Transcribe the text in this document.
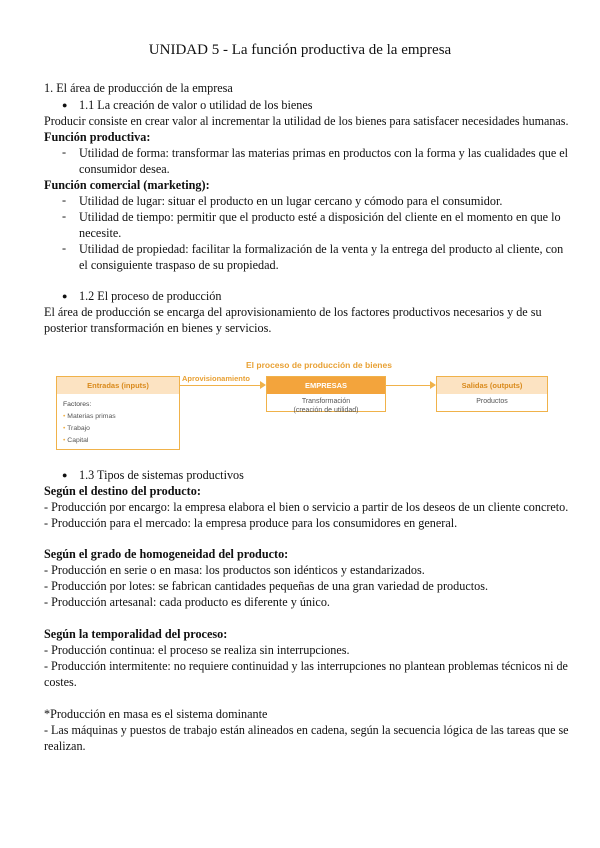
UNIDAD 5 - La función productiva de la empresa
1. El área de producción de la empresa
● 1.1 La creación de valor o utilidad de los bienes
Producir consiste en crear valor al incrementar la utilidad de los bienes para satisfacer necesidades humanas.
Función productiva:
- Utilidad de forma: transformar las materias primas en productos con la forma y las cualidades que el
consumidor desea.
Función comercial (marketing):
- Utilidad de lugar: situar el producto en un lugar cercano y cómodo para el consumidor.
- Utilidad de tiempo: permitir que el producto esté a disposición del cliente en el momento en que lo
necesite.
- Utilidad de propiedad: facilitar la formalización de la venta y la entrega del producto al cliente, con
el consiguiente traspaso de su propiedad.
● 1.2 El proceso de producción
El área de producción se encarga del aprovisionamiento de los factores productivos necesarios y de su
posterior transformación en bienes y servicios.
El proceso de producción de bienes
Entradas (inputs)
Factores:
• Materias primas
• Trabajo
• Capital
Aprovisionamiento
EMPRESAS
Transformación
(creación de utilidad)
Salidas (outputs)
Productos
● 1.3 Tipos de sistemas productivos
Según el destino del producto:
- Producción por encargo: la empresa elabora el bien o servicio a partir de los deseos de un cliente concreto.
- Producción para el mercado: la empresa produce para los consumidores en general.
Según el grado de homogeneidad del producto:
- Producción en serie o en masa: los productos son idénticos y estandarizados.
- Producción por lotes: se fabrican cantidades pequeñas de una gran variedad de productos.
- Producción artesanal: cada producto es diferente y único.
Según la temporalidad del proceso:
- Producción continua: el proceso se realiza sin interrupciones.
- Producción intermitente: no requiere continuidad y las interrupciones no plantean problemas técnicos ni de
costes.
*Producción en masa es el sistema dominante
- Las máquinas y puestos de trabajo están alineados en cadena, según la secuencia lógica de las tareas que se
realizan.
